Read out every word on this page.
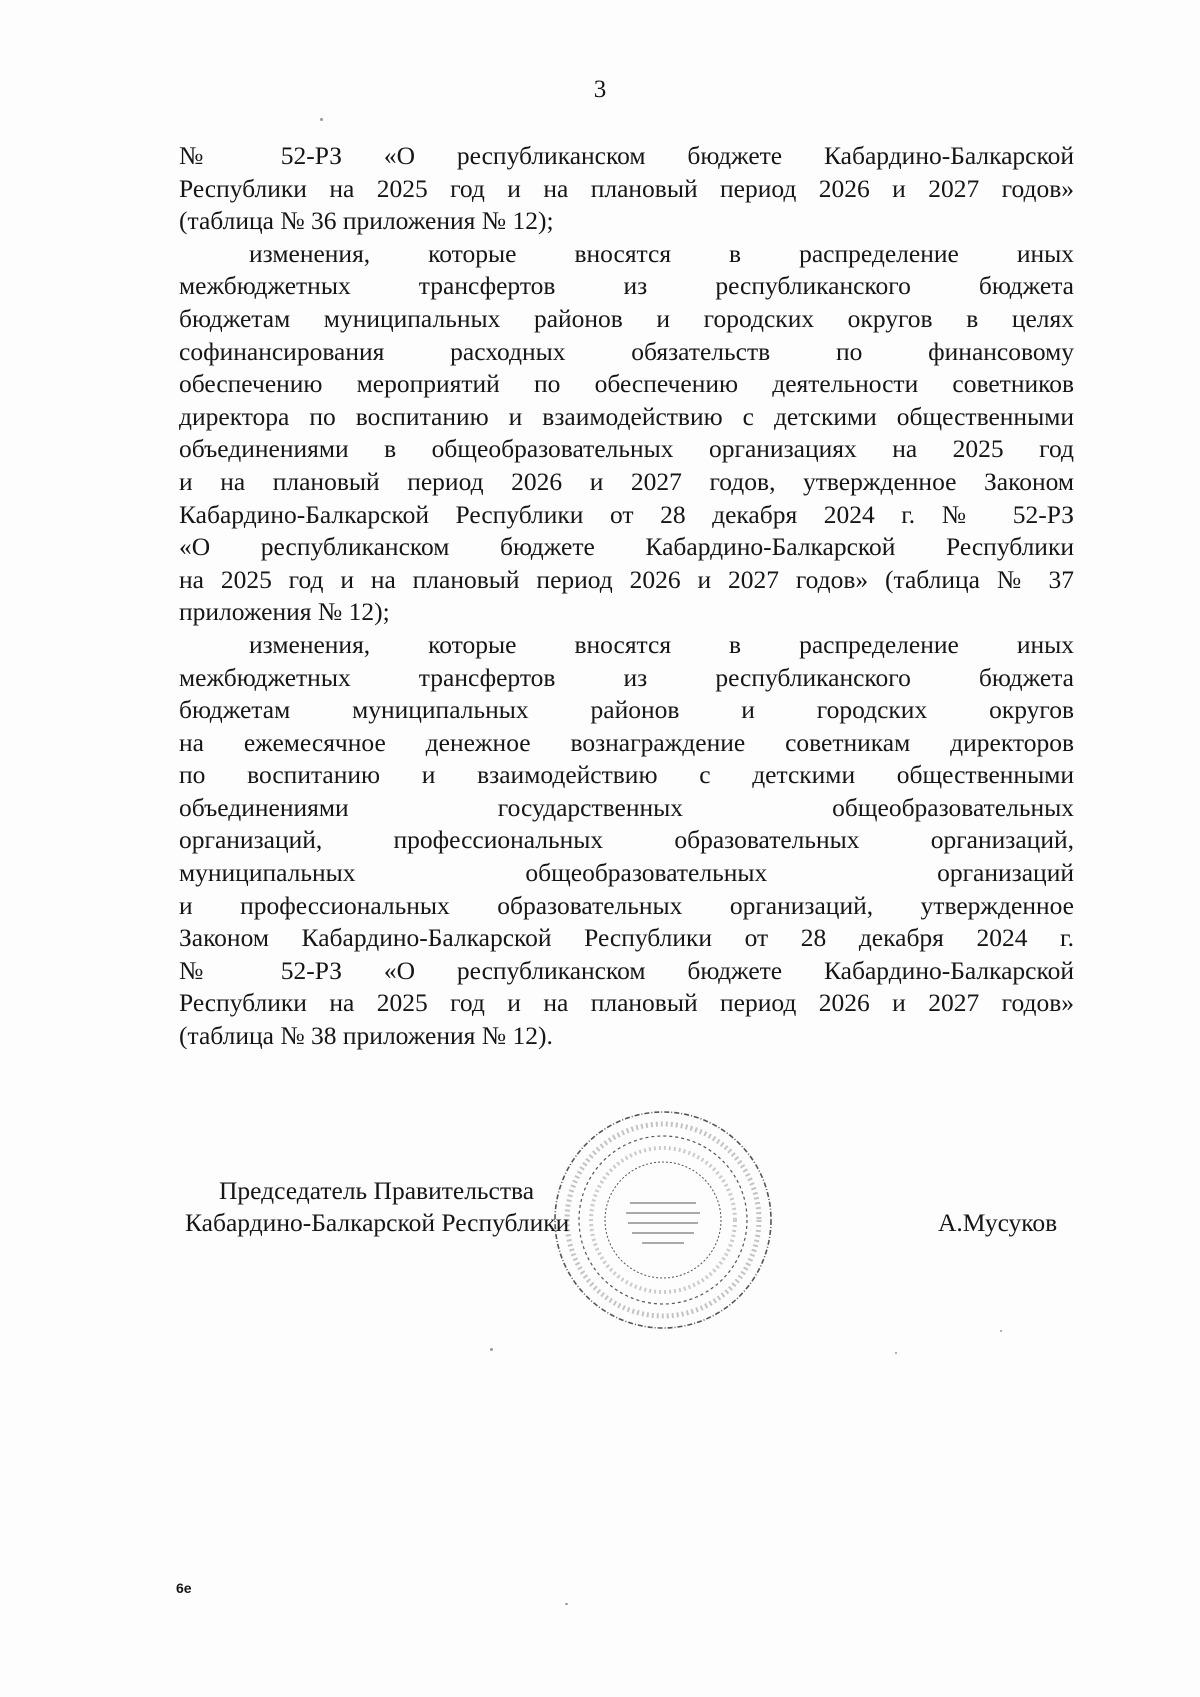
3
№ 52-РЗ «О республиканском бюджете Кабардино-Балкарской
Республики на 2025 год и на плановый период 2026 и 2027 годов»
(таблица № 36 приложения № 12);
изменения, которые вносятся в распределение иных
межбюджетных трансфертов из республиканского бюджета
бюджетам муниципальных районов и городских округов в целях
софинансирования расходных обязательств по финансовому
обеспечению мероприятий по обеспечению деятельности советников
директора по воспитанию и взаимодействию с детскими общественными
объединениями в общеобразовательных организациях на 2025 год
и на плановый период 2026 и 2027 годов, утвержденное Законом
Кабардино-Балкарской Республики от 28 декабря 2024 г. № 52-РЗ
«О республиканском бюджете Кабардино-Балкарской Республики
на 2025 год и на плановый период 2026 и 2027 годов» (таблица № 37
приложения № 12);
изменения, которые вносятся в распределение иных
межбюджетных трансфертов из республиканского бюджета
бюджетам муниципальных районов и городских округов
на ежемесячное денежное вознаграждение советникам директоров
по воспитанию и взаимодействию с детскими общественными
объединениями государственных общеобразовательных
организаций, профессиональных образовательных организаций,
муниципальных общеобразовательных организаций
и профессиональных образовательных организаций, утвержденное
Законом Кабардино-Балкарской Республики от 28 декабря 2024 г.
№ 52-РЗ «О республиканском бюджете Кабардино-Балкарской
Республики на 2025 год и на плановый период 2026 и 2027 годов»
(таблица № 38 приложения № 12).
Председатель Правительства
Кабардино-Балкарской Республики	А.Мусуков
6е
